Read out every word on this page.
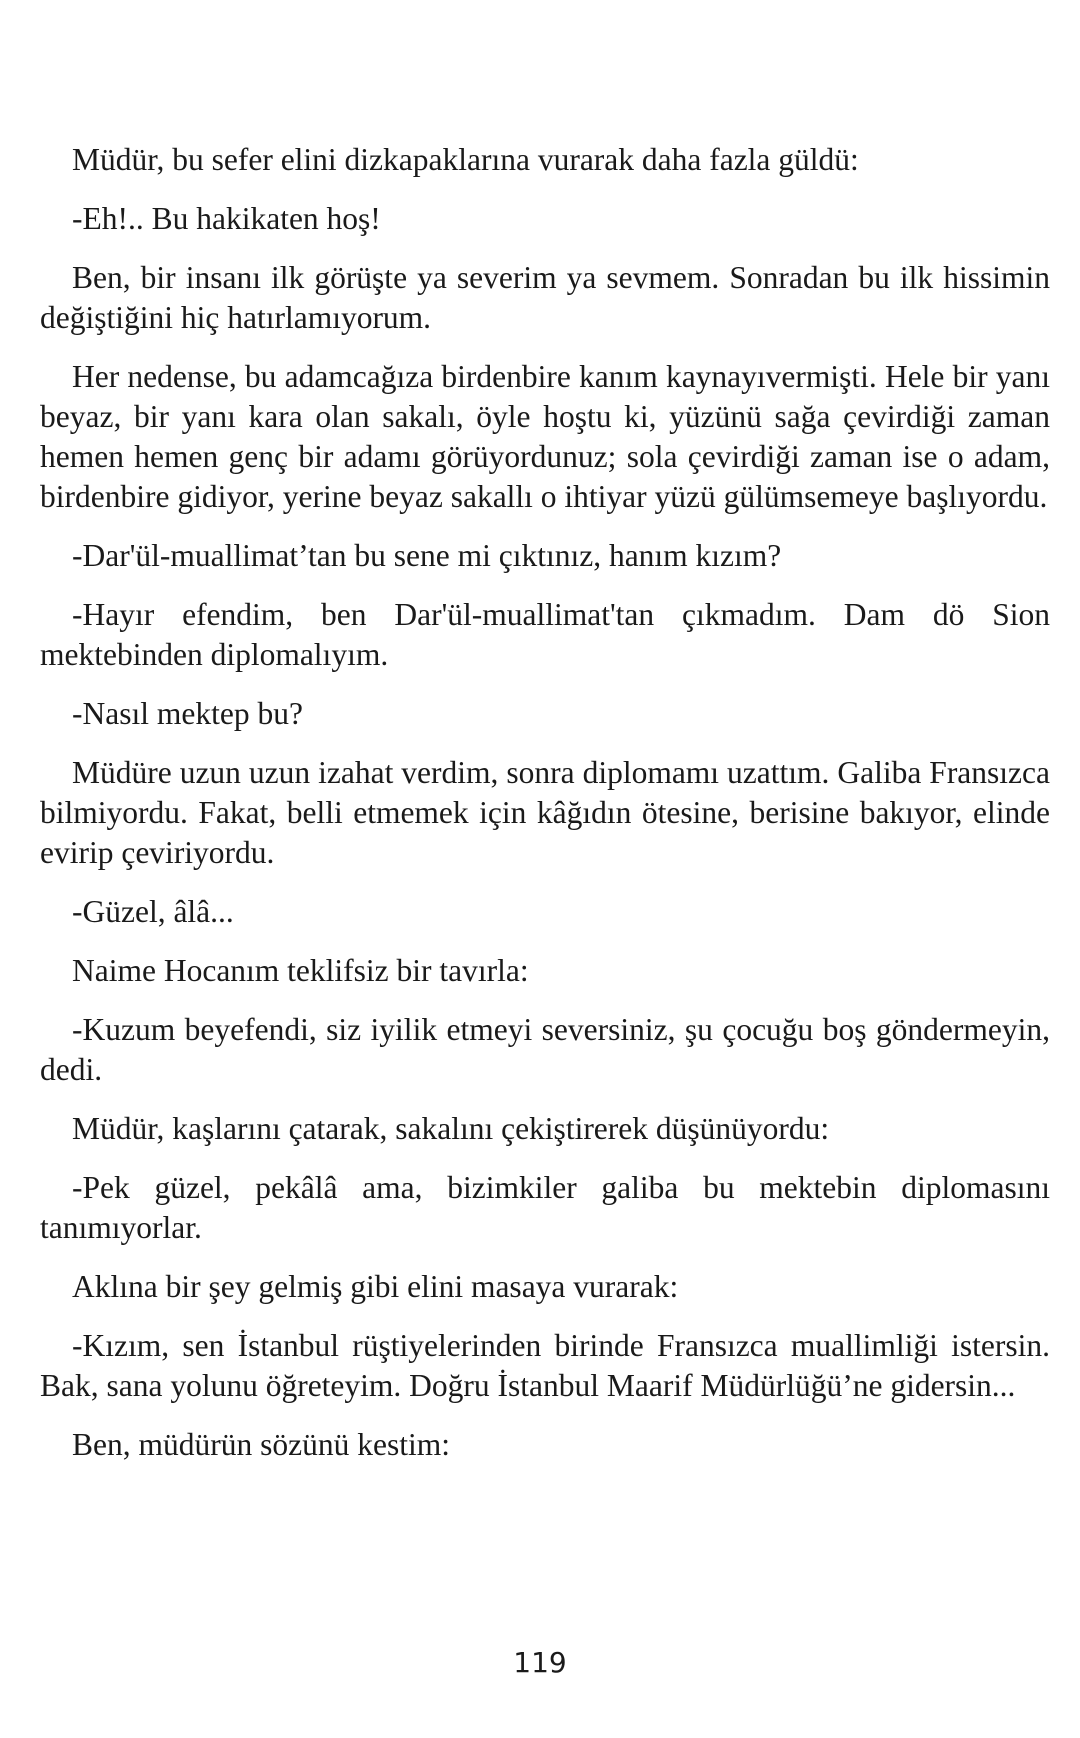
Müdür, bu sefer elini dizkapaklarına vurarak daha fazla güldü:

-Eh!.. Bu hakikaten hoş!

Ben, bir insanı ilk görüşte ya severim ya sevmem. Sonradan bu ilk hissimin değiştiğini hiç hatırlamıyorum.

Her nedense, bu adamcağıza birdenbire kanım kaynayıvermişti. Hele bir yanı beyaz, bir yanı kara olan sakalı, öyle hoştu ki, yüzünü sağa çevirdiği zaman hemen hemen genç bir adamı görüyordunuz; sola çevirdiği zaman ise o adam, birdenbire gidiyor, yerine beyaz sakallı o ihtiyar yüzü gülümsemeye başlıyordu.

-Dar'ül-muallimat’tan bu sene mi çıktınız, hanım kızım?

-Hayır efendim, ben Dar'ül-muallimat'tan çıkmadım. Dam dö Sion mektebinden diplomalıyım.

-Nasıl mektep bu?

Müdüre uzun uzun izahat verdim, sonra diplomamı uzattım. Galiba Fransızca bilmiyordu. Fakat, belli etmemek için kâğıdın ötesine, berisine bakıyor, elinde evirip çeviriyordu.

-Güzel, âlâ...

Naime Hocanım teklifsiz bir tavırla:

-Kuzum beyefendi, siz iyilik etmeyi seversiniz, şu çocuğu boş göndermeyin, dedi.

Müdür, kaşlarını çatarak, sakalını çekiştirerek düşünüyordu:

-Pek güzel, pekâlâ ama, bizimkiler galiba bu mektebin diplomasını tanımıyorlar.

Aklına bir şey gelmiş gibi elini masaya vurarak:

-Kızım, sen İstanbul rüştiyelerinden birinde Fransızca muallimliği istersin. Bak, sana yolunu öğreteyim. Doğru İstanbul Maarif Müdürlüğü’ne gidersin...

Ben, müdürün sözünü kestim:

119
